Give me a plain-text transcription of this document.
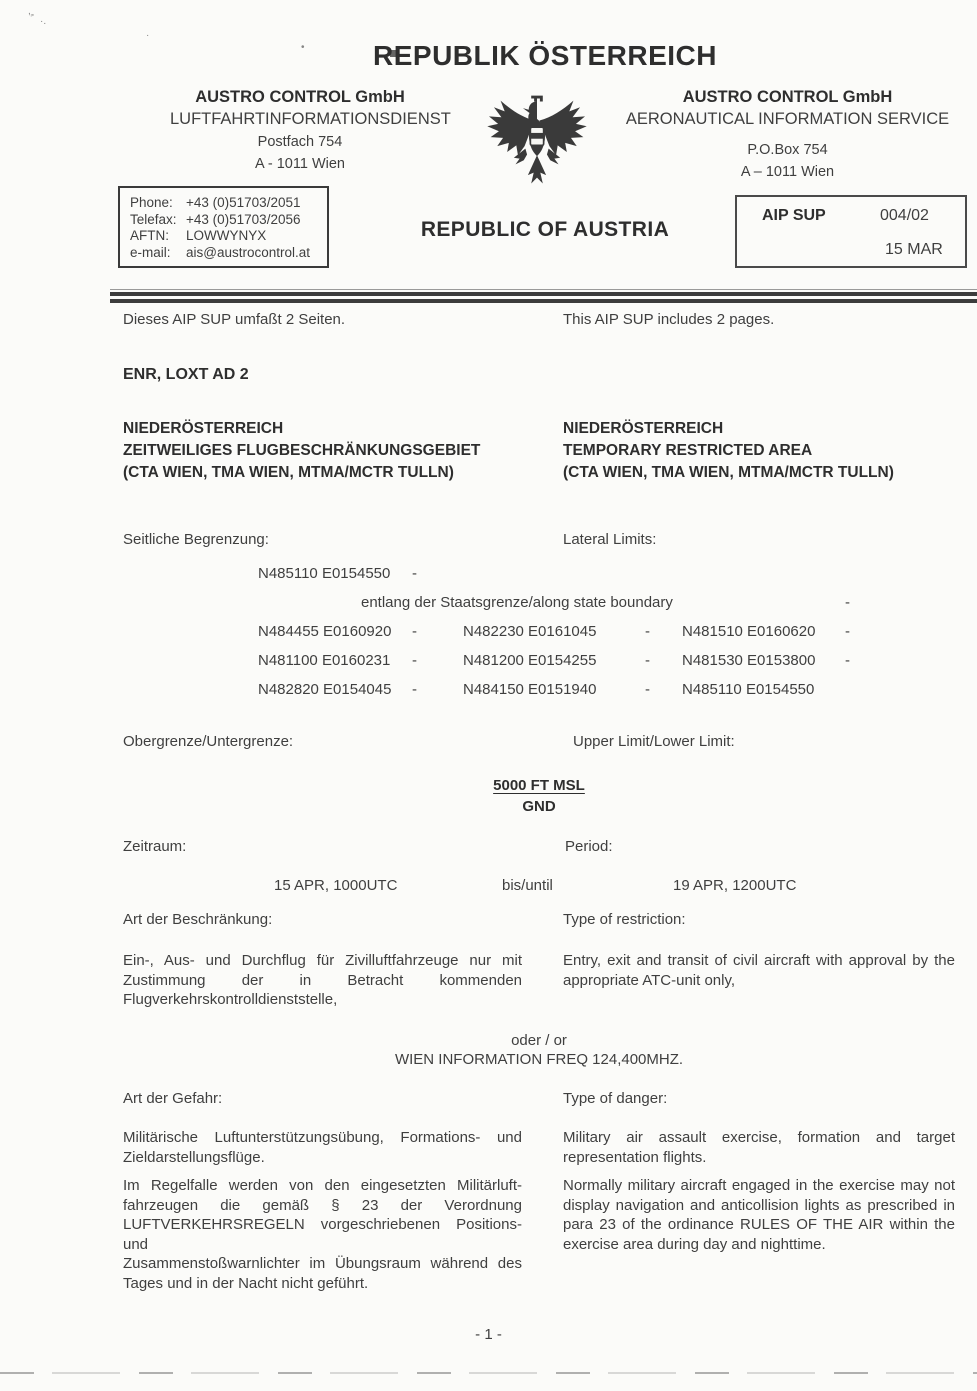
, ٍ
·.
·
•	REPUBLIK ÖSTERREICH
AUSTRO CONTROL GmbH
LUFTFAHRTINFORMATIONSDIENST
Postfach 754
A - 1011 Wien
AUSTRO CONTROL GmbH
AERONAUTICAL INFORMATION SERVICE
P.O.Box 754
A – 1011 Wien
Phone: +43 (0)51703/2051
Telefax: +43 (0)51703/2056
AFTN:	LOWWYNYX
e-mail:	ais@austrocontrol.at
REPUBLIC OF AUSTRIA
AIP SUP	004/02
15 MAR
Dieses AIP SUP umfaßt 2 Seiten.	This AIP SUP includes 2 pages.
ENR, LOXT AD 2
NIEDERÖSTERREICH
ZEITWEILIGES FLUGBESCHRÄNKUNGSGEBIET
(CTA WIEN, TMA WIEN, MTMA/MCTR TULLN)
NIEDERÖSTERREICH
TEMPORARY RESTRICTED AREA
(CTA WIEN, TMA WIEN, MTMA/MCTR TULLN)
Seitliche Begrenzung:	Lateral Limits:
N485110 E0154550 -
entlang der Staatsgrenze/along state boundary	-
N484455 E0160920 -	N482230 E0161045	- N481510 E0160620 -
N481100 E0160231 -	N481200 E0154255	- N481530 E0153800 -
N482820 E0154045 -	N484150 E0151940	- N485110 E0154550
Obergrenze/Untergrenze:	Upper Limit/Lower Limit:
5000 FT MSL
GND
Zeitraum:	Period:
15 APR, 1000UTC	bis/until	19 APR, 1200UTC
Art der Beschränkung:	Type of restriction:
Ein-, Aus- und Durchflug für Zivilluftfahrzeuge nur mit
Zustimmung der in Betracht kommenden
Flugverkehrskontrolldienststelle,
Entry, exit and transit of civil aircraft with approval by the
appropriate ATC-unit only,
oder / or
WIEN INFORMATION FREQ 124,400MHZ.
Art der Gefahr:	Type of danger:
Militärische Luftunterstützungsübung, Formations- und
Zieldarstellungsflüge.
Military air assault exercise, formation and target
representation flights.
Im Regelfalle werden von den eingesetzten Militärluft-
fahrzeugen die gemäß § 23 der Verordnung
LUFTVERKEHRSREGELN vorgeschriebenen Positions- und
Zusammenstoßwarnlichter im Übungsraum während des
Tages und in der Nacht nicht geführt.
Normally military aircraft engaged in the exercise may not
display navigation and anticollision lights as prescribed in
para 23 of the ordinance RULES OF THE AIR within the
exercise area during day and nighttime.
- 1 -
